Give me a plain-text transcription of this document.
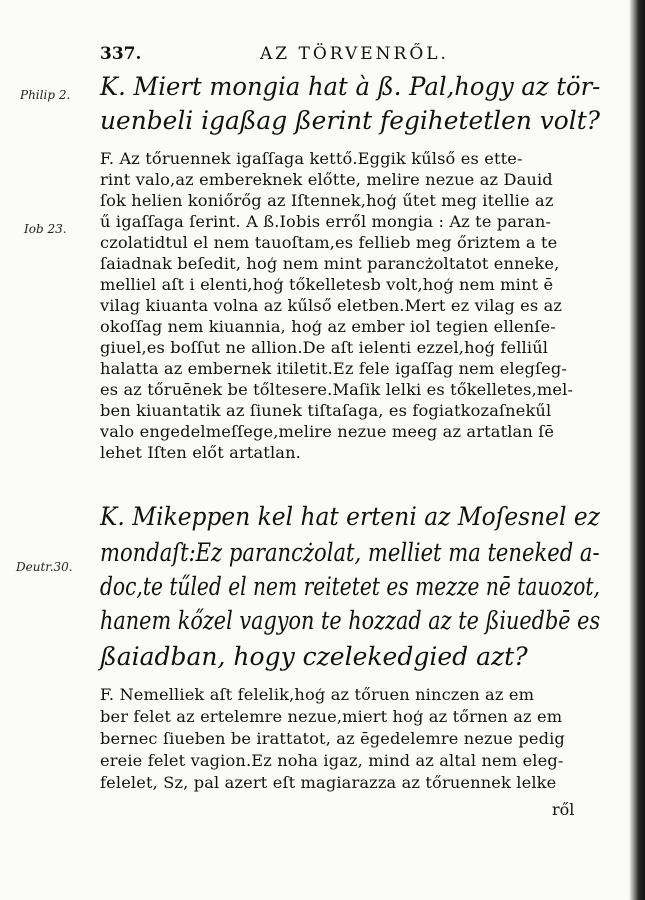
337.	AZ TÖRVENRŐL.
Philip 2.
Iob 23.
Deutr.30.
K. Miert mongia hat à ß. Pal,hogy az tör-
uenbeli igaßag ßerint fegihetetlen volt?
F. Az tőruennek igaſſaga kettő.Eggik kűlső es ette-
rint valo,az embereknek előtte, melire nezue az Dauid
ſok helien koniőrőg az Iſtennek,hoģ űtet meg itellie az
ű igaſſaga ſerint. A ß.Iobis erről mongia : Az te paran-
czolatidtul el nem tauoſtam,es fellieb meg őriztem a te
ſaiadnak beſedit, hoģ nem mint parancżoltatot enneke,
melliel aſt i elenti,hoģ tőkelletesb volt,hoģ nem mint ē
vilag kiuanta volna az kűlső eletben.Mert ez vilag es az
okoſſag nem kiuannia, hoģ az ember iol tegien ellenſe-
giuel,es boſſut ne allion.De aſt ielenti ezzel,hoģ felliűl
halatta az embernek itiletit.Ez fele igaſſag nem elegſeg-
es az tőruēnek be tőltesere.Maſik lelki es tőkelletes,mel-
ben kiuantatik az ſiunek tiſtaſaga, es fogiatkozaſnekűl
valo engedelmeſſege,melire nezue meeg az artatlan ſē
lehet Iſten előt artatlan.
K. Mikeppen kel hat erteni az Moſesnel ez
mondaſt:Ez parancżolat, melliet ma teneked a-
doc,te tűled el nem reitetet es mezze nē tauozot,
hanem kőzel vagyon te hozzad az te ßiuedbē es
ßaiadban, hogy czelekedgied azt?
F. Nemelliek aſt felelik,hoģ az tőruen ninczen az em
ber felet az ertelemre nezue,miert hoģ az tőrnen az em
bernec ſiueben be irattatot, az ēgedelemre nezue pedig
ereie felet vagion.Ez noha igaz, mind az altal nem eleg-
felelet, Sz, pal azert eſt magiarazza az tőruennek lelke
ről
